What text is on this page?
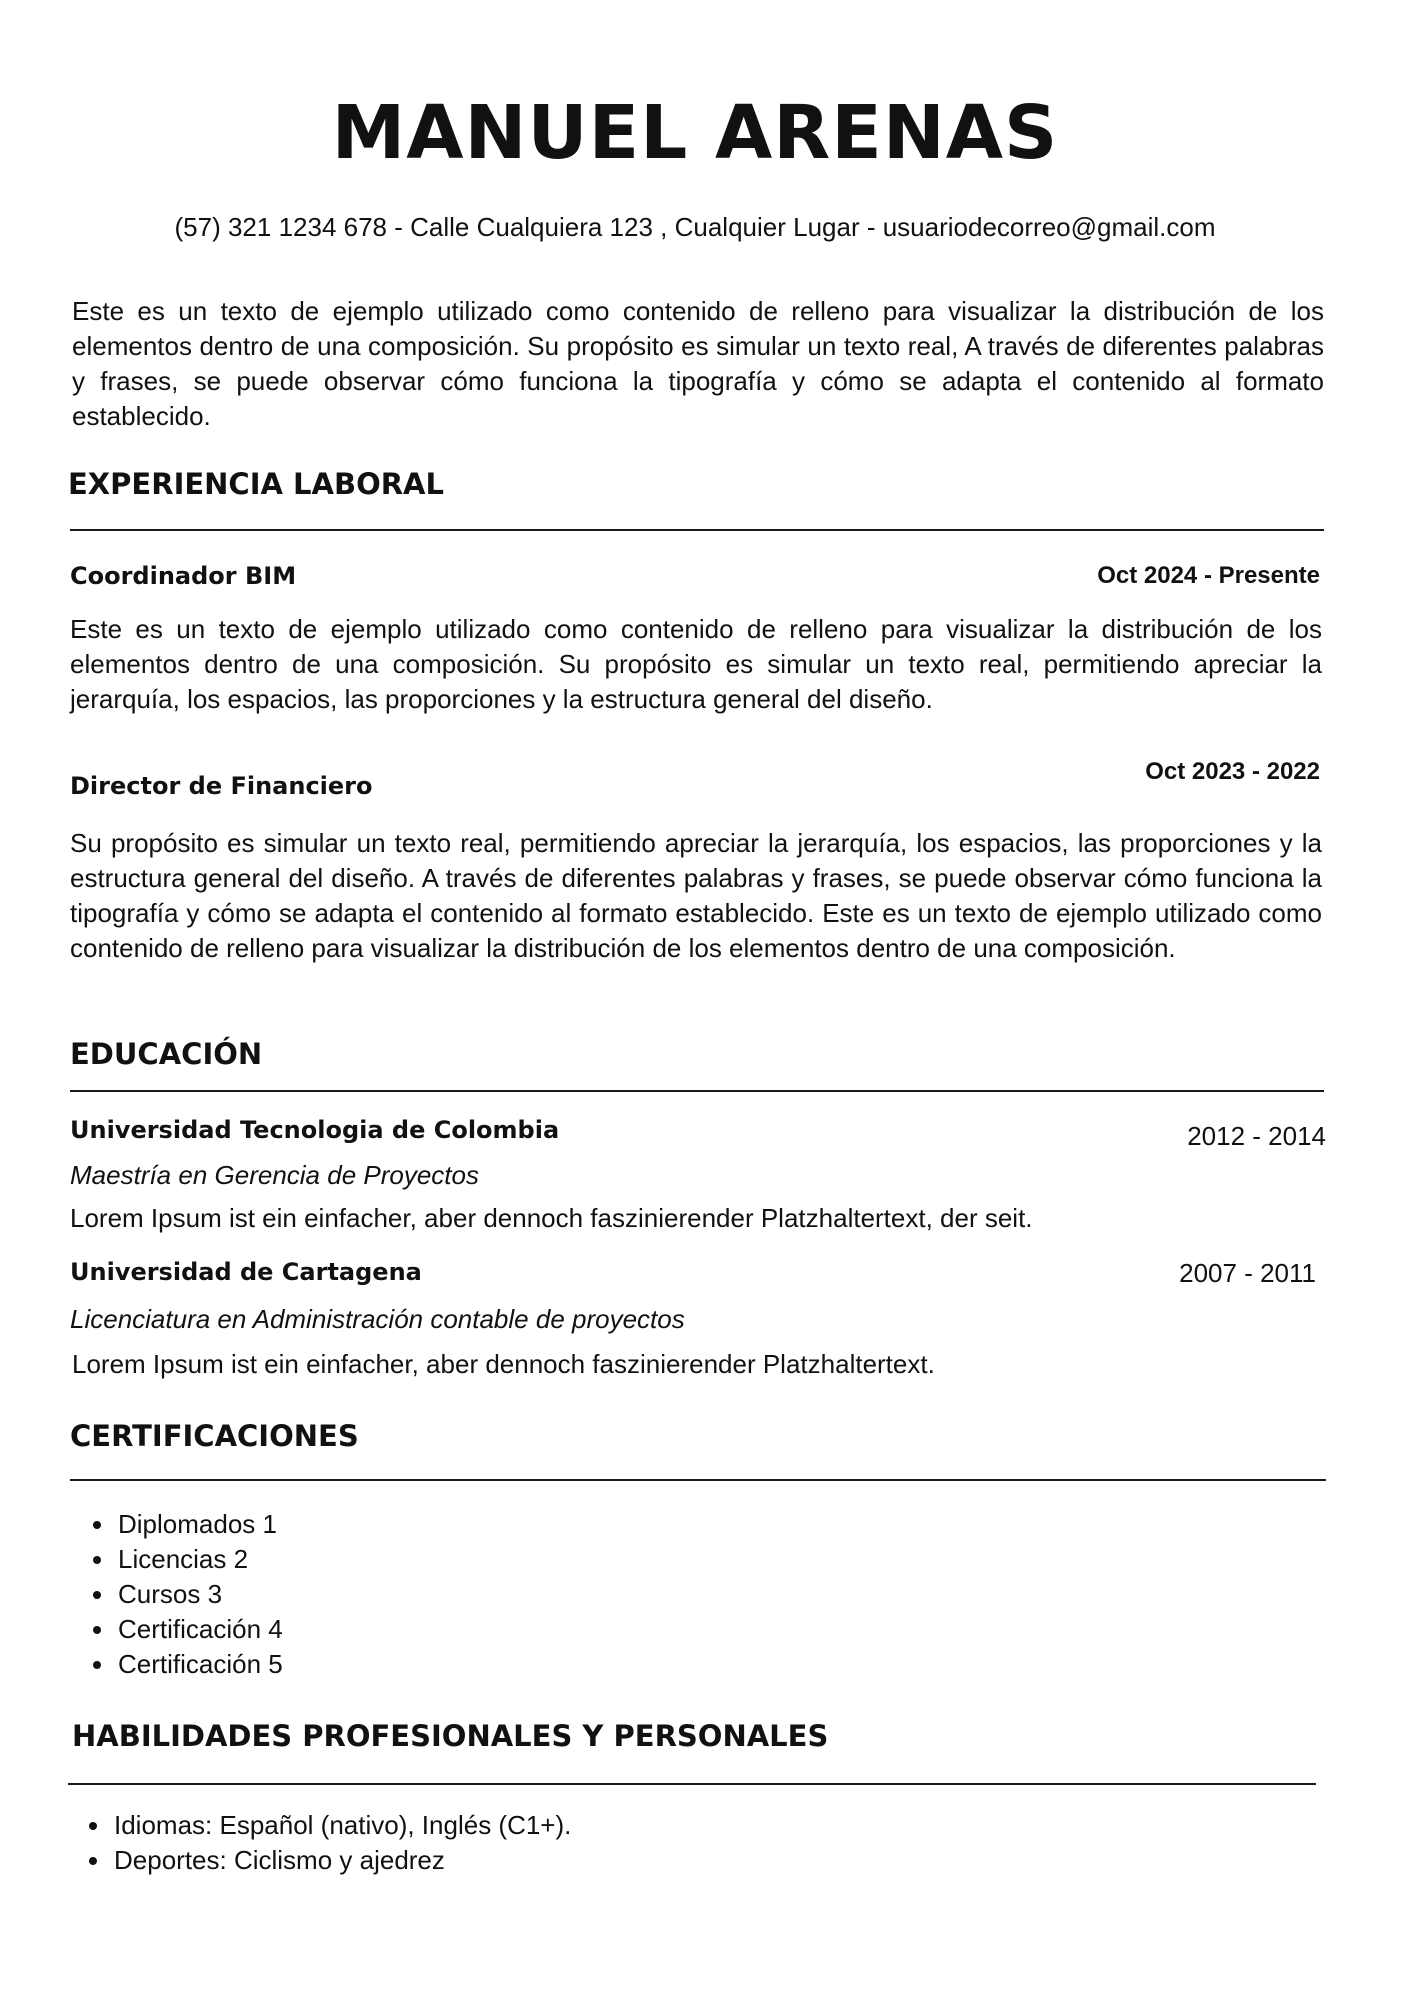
MANUEL ARENAS
(57) 321 1234 678 - Calle Cualquiera 123 , Cualquier Lugar - usuariodecorreo@gmail.com

Este es un texto de ejemplo utilizado como contenido de relleno para visualizar la distribución de los elementos dentro de una composición. Su propósito es simular un texto real, A través de diferentes palabras y frases, se puede observar cómo funciona la tipografía y cómo se adapta el contenido al formato establecido.

EXPERIENCIA LABORAL
Coordinador BIM	Oct 2024 - Presente

Este es un texto de ejemplo utilizado como contenido de relleno para visualizar la distribución de los elementos dentro de una composición. Su propósito es simular un texto real, permitiendo apreciar la jerarquía, los espacios, las proporciones y la estructura general del diseño.

Director de Financiero
Oct 2023 - 2022

Su propósito es simular un texto real, permitiendo apreciar la jerarquía, los espacios, las proporciones y la estructura general del diseño. A través de diferentes palabras y frases, se puede observar cómo funciona la tipografía y cómo se adapta el contenido al formato establecido. Este es un texto de ejemplo utilizado como contenido de relleno para visualizar la distribución de los elementos dentro de una composición.

EDUCACIÓN
Universidad Tecnologia de Colombia	2012 - 2014
Maestría en Gerencia de Proyectos
Lorem Ipsum ist ein einfacher, aber dennoch faszinierender Platzhaltertext, der seit.
Universidad de Cartagena	2007 - 2011
Licenciatura en Administración contable de proyectos
Lorem Ipsum ist ein einfacher, aber dennoch faszinierender Platzhaltertext.
CERTIFICACIONES
• Diplomados 1
• Licencias 2
• Cursos 3
• Certificación 4
• Certificación 5
HABILIDADES PROFESIONALES Y PERSONALES
• Idiomas: Español (nativo), Inglés (C1+).
• Deportes: Ciclismo y ajedrez
